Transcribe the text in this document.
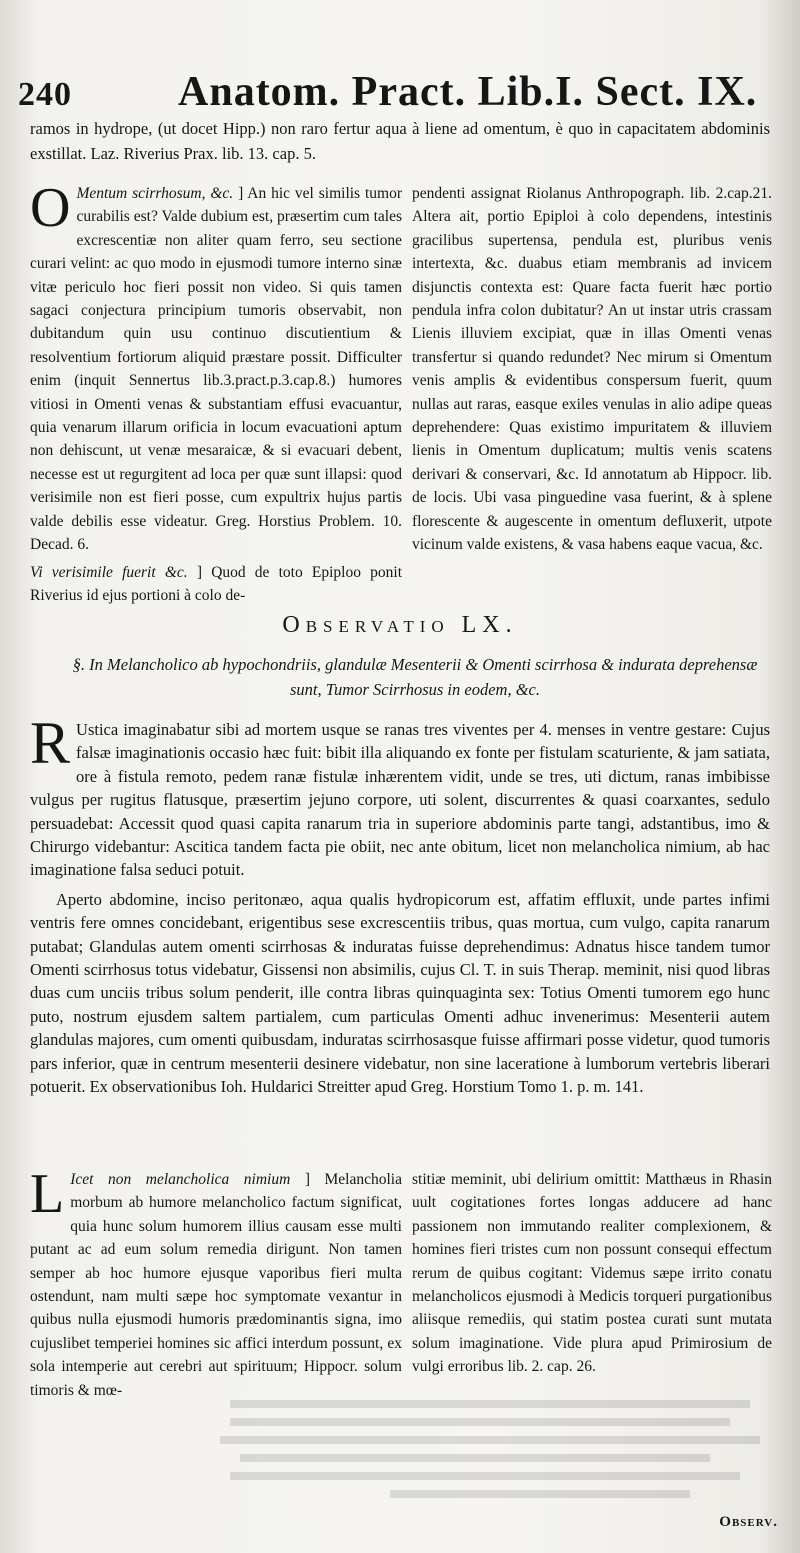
240	Anatom. Pract. Lib.I. Sect. IX.
ramos in hydrope, (ut docet Hipp.) non raro fertur aqua à liene ad omentum, è quo in capacitatem abdominis exstillat. Laz. Riverius Prax. lib. 13. cap. 5.

O Mentum scirrhosum, &c. ] An hic vel similis tumor curabilis est? Valde dubium est, præsertim cum tales excrescentiæ non aliter quam ferro, seu sectione curari velint: ac quo modo in ejusmodi tumore interno sinæ vitæ periculo hoc fieri possit non video. Si quis tamen sagaci conjectura principium tumoris observabit, non dubitandum quin usu continuo discutientium & resolventium fortiorum aliquid præstare possit. Difficulter enim (inquit Sennertus lib.3.pract.p.3.cap.8.) humores vitiosi in Omenti venas & substantiam effusi evacuantur, quia venarum illarum orificia in locum evacuationi aptum non dehiscunt, ut venæ mesaraicæ, & si evacuari debent, necesse est ut regurgitent ad loca per quæ sunt illapsi: quod verisimile non est fieri posse, cum expultrix hujus partis valde debilis esse videatur. Greg. Horstius Problem. 10. Decad. 6.

Vi verisimile fuerit &c. ] Quod de toto Epiploo ponit Riverius id ejus portioni à colo de-

pendenti assignat Riolanus Anthropograph. lib. 2.cap.21. Altera ait, portio Epiploi à colo dependens, intestinis gracilibus supertensa, pendula est, pluribus venis intertexta, &c. duabus etiam membranis ad invicem disjunctis contexta est: Quare facta fuerit hæc portio pendula infra colon dubitatur? An ut instar utris crassam Lienis illuviem excipiat, quæ in illas Omenti venas transfertur si quando redundet? Nec mirum si Omentum venis amplis & evidentibus conspersum fuerit, quum nullas aut raras, easque exiles venulas in alio adipe queas deprehendere: Quas existimo impuritatem & illuviem lienis in Omentum duplicatum; multis venis scatens derivari & conservari, &c. Id annotatum ab Hippocr. lib. de locis. Ubi vasa pinguedine vasa fuerint, & à splene florescente & augescente in omentum defluxerit, utpote vicinum valde existens, & vasa habens eaque vacua, &c.

Observatio LX.
§. In Melancholico ab hypochondriis, glandulæ Mesenterii & Omenti scirrhosa & indurata deprehensæ sunt, Tumor Scirrhosus in eodem, &c.

R Ustica imaginabatur sibi ad mortem usque se ranas tres viventes per 4. menses in ventre gestare: Cujus falsæ imaginationis occasio hæc fuit: bibit illa aliquando ex fonte per fistulam scaturiente, & jam satiata, ore à fistula remoto, pedem ranæ fistulæ inhærentem vidit, unde se tres, uti dictum, ranas imbibisse vulgus per rugitus flatusque, præsertim jejuno corpore, uti solent, discurrentes & quasi coarxantes, sedulo persuadebat: Accessit quod quasi capita ranarum tria in superiore abdominis parte tangi, adstantibus, imo & Chirurgo videbantur: Ascitica tandem facta pie obiit, nec ante obitum, licet non melancholica nimium, ab hac imaginatione falsa seduci potuit.

Aperto abdomine, inciso peritonæo, aqua qualis hydropicorum est, affatim effluxit, unde partes infimi ventris fere omnes concidebant, erigentibus sese excrescentiis tribus, quas mortua, cum vulgo, capita ranarum putabat; Glandulas autem omenti scirrhosas & induratas fuisse deprehendimus: Adnatus hisce tandem tumor Omenti scirrhosus totus videbatur, Gissensi non absimilis, cujus Cl. T. in suis Therap. meminit, nisi quod libras duas cum unciis tribus solum penderit, ille contra libras quinquaginta sex: Totius Omenti tumorem ego hunc puto, nostrum ejusdem saltem partialem, cum particulas Omenti adhuc invenerimus: Mesenterii autem glandulas majores, cum omenti quibusdam, induratas scirrhosasque fuisse affirmari posse videtur, quod tumoris pars inferior, quæ in centrum mesenterii desinere videbatur, non sine laceratione à lumborum vertebris liberari potuerit. Ex observationibus Ioh. Huldarici Streitter apud Greg. Horstium Tomo 1. p. m. 141.

L Icet non melancholica nimium ] Melancholia morbum ab humore melancholico factum significat, quia hunc solum humorem illius causam esse multi putant ac ad eum solum remedia dirigunt. Non tamen semper ab hoc humore ejusque vaporibus fieri multa ostendunt, nam multi sæpe hoc symptomate vexantur in quibus nulla ejusmodi humoris prædominantis signa, imo cujuslibet temperiei homines sic affici interdum possunt, ex sola intemperie aut cerebri aut spirituum; Hippocr. solum timoris & mœ-

stitiæ meminit, ubi delirium omittit: Matthæus in Rhasin uult cogitationes fortes longas adducere ad hanc passionem non immutando realiter complexionem, & homines fieri tristes cum non possunt consequi effectum rerum de quibus cogitant: Videmus sæpe irrito conatu melancholicos ejusmodi à Medicis torqueri purgationibus aliisque remediis, qui statim postea curati sunt mutata solum imaginatione. Vide plura apud Primirosium de vulgi erroribus lib. 2. cap. 26.

Observ.
